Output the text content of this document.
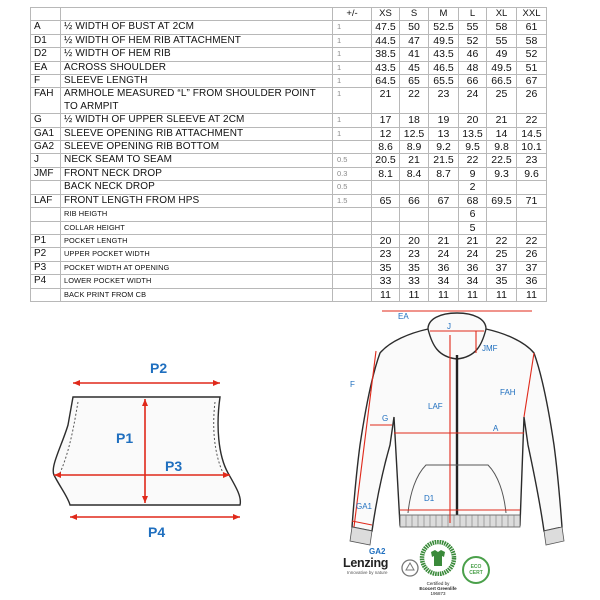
		+/-	XS	S	M	L	XL	XXL
A	½ WIDTH OF BUST AT 2CM	1	47.5	50	52.5	55	58	61
D1	½ WIDTH OF HEM RIB ATTACHMENT	1	44.5	47	49.5	52	55	58
D2	½ WIDTH OF HEM RIB	1	38.5	41	43.5	46	49	52
EA	ACROSS SHOULDER	1	43.5	45	46.5	48	49.5	51
F	SLEEVE LENGTH	1	64.5	65	65.5	66	66.5	67
FAH	ARMHOLE MEASURED “L” FROM SHOULDER POINT TO ARMPIT	1	21	22	23	24	25	26
G	½ WIDTH OF UPPER SLEEVE AT 2CM	1	17	18	19	20	21	22
GA1	SLEEVE OPENING RIB ATTACHMENT	1	12	12.5	13	13.5	14	14.5
GA2	SLEEVE OPENING RIB BOTTOM		8.6	8.9	9.2	9.5	9.8	10.1
J	NECK SEAM TO SEAM	0.5	20.5	21	21.5	22	22.5	23
JMF	FRONT NECK DROP	0.3	8.1	8.4	8.7	9	9.3	9.6
	BACK NECK DROP	0.5				2		
LAF	FRONT LENGTH FROM HPS	1.5	65	66	67	68	69.5	71
	RIB HEIGTH					6		
	COLLAR HEIGHT					5		
P1	POCKET LENGTH		20	20	21	21	22	22
P2	UPPER POCKET WIDTH		23	23	24	24	25	26
P3	POCKET WIDTH AT OPENING		35	35	36	36	37	37
P4	LOWER POCKET WIDTH		33	33	34	34	35	36
	BACK PRINT FROM CB		11	11	11	11	11	11
P2
P1
P3
P4
EA
J
JMF
F
FAH
LAF
G
A
GA1
D1
GA2
Lenzing
Innovative by nature
Certified by
Ecocert Greenlife
196873
ECO CERT
